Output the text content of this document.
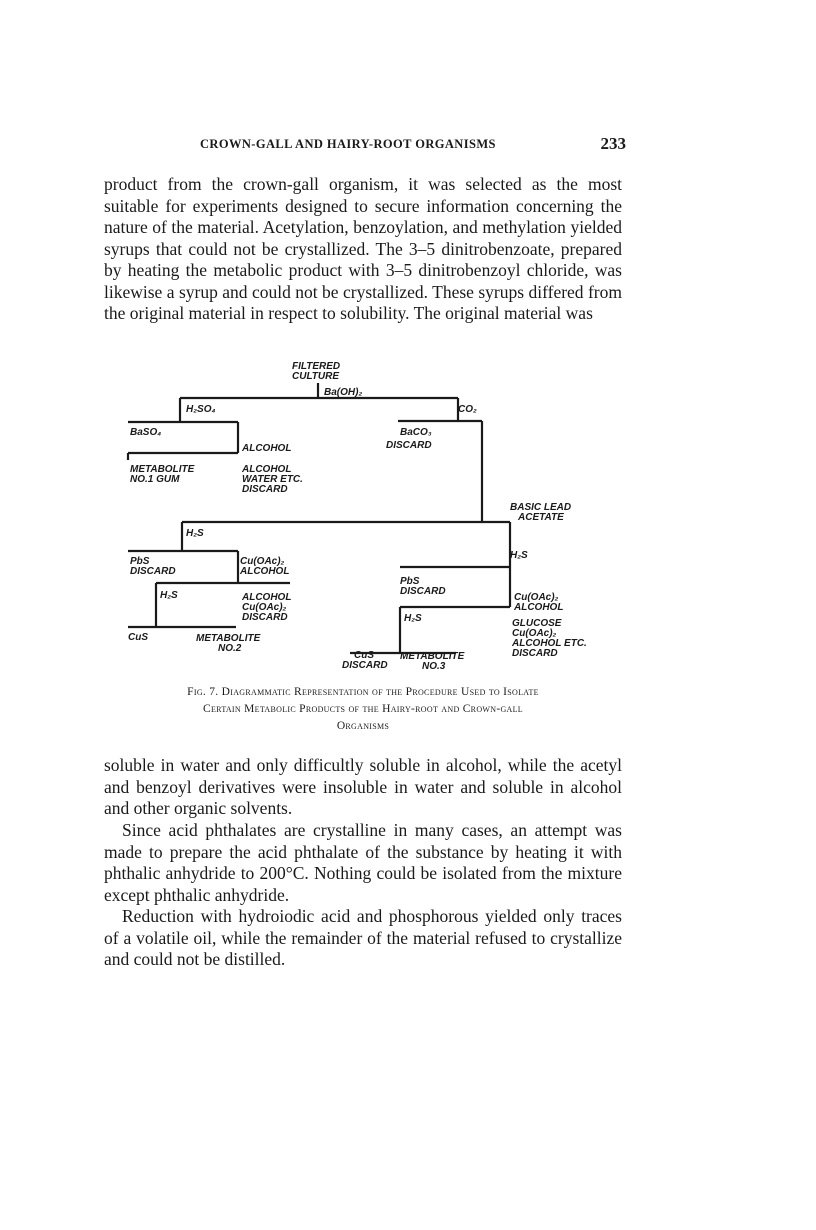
CROWN-GALL AND HAIRY-ROOT ORGANISMS	233

product from the crown-gall organism, it was selected as the most suitable for experiments designed to secure information concerning the nature of the material. Acetylation, benzoylation, and methylation yielded syrups that could not be crystallized. The 3–5 dinitrobenzoate, prepared by heating the metabolic product with 3–5 dinitrobenzoyl chloride, was likewise a syrup and could not be crystallized. These syrups differed from the original material in respect to solubility. The original material was

FILTERED
CULTURE
Ba(OH)₂
H₂SO₄	CO₂
BaSO₄
ALCOHOL
BaCO₃
DISCARD
METABOLITE
NO.1 GUM
ALCOHOL
WATER ETC.
DISCARD
BASIC LEAD
ACETATE
H₂S
H₂S
PbS
DISCARD
Cu(OAc)₂
ALCOHOL
PbS
DISCARD
Cu(OAc)₂
ALCOHOL
H₂S	ALCOHOL
Cu(OAc)₂
DISCARD	H₂S	GLUCOSE
Cu(OAc)₂
ALCOHOL ETC.
DISCARD
CuS	METABOLITE
NO.2
CuS
DISCARD
METABOLITE
NO.3

Fig. 7. Diagrammatic Representation of the Procedure Used to Isolate
Certain Metabolic Products of the Hairy-root and Crown-gall
Organisms

soluble in water and only difficultly soluble in alcohol, while the acetyl and benzoyl derivatives were insoluble in water and soluble in alcohol and other organic solvents.

Since acid phthalates are crystalline in many cases, an attempt was made to prepare the acid phthalate of the substance by heating it with phthalic anhydride to 200°C. Nothing could be isolated from the mixture except phthalic anhydride.

Reduction with hydroiodic acid and phosphorous yielded only traces of a volatile oil, while the remainder of the material refused to crystallize and could not be distilled.
